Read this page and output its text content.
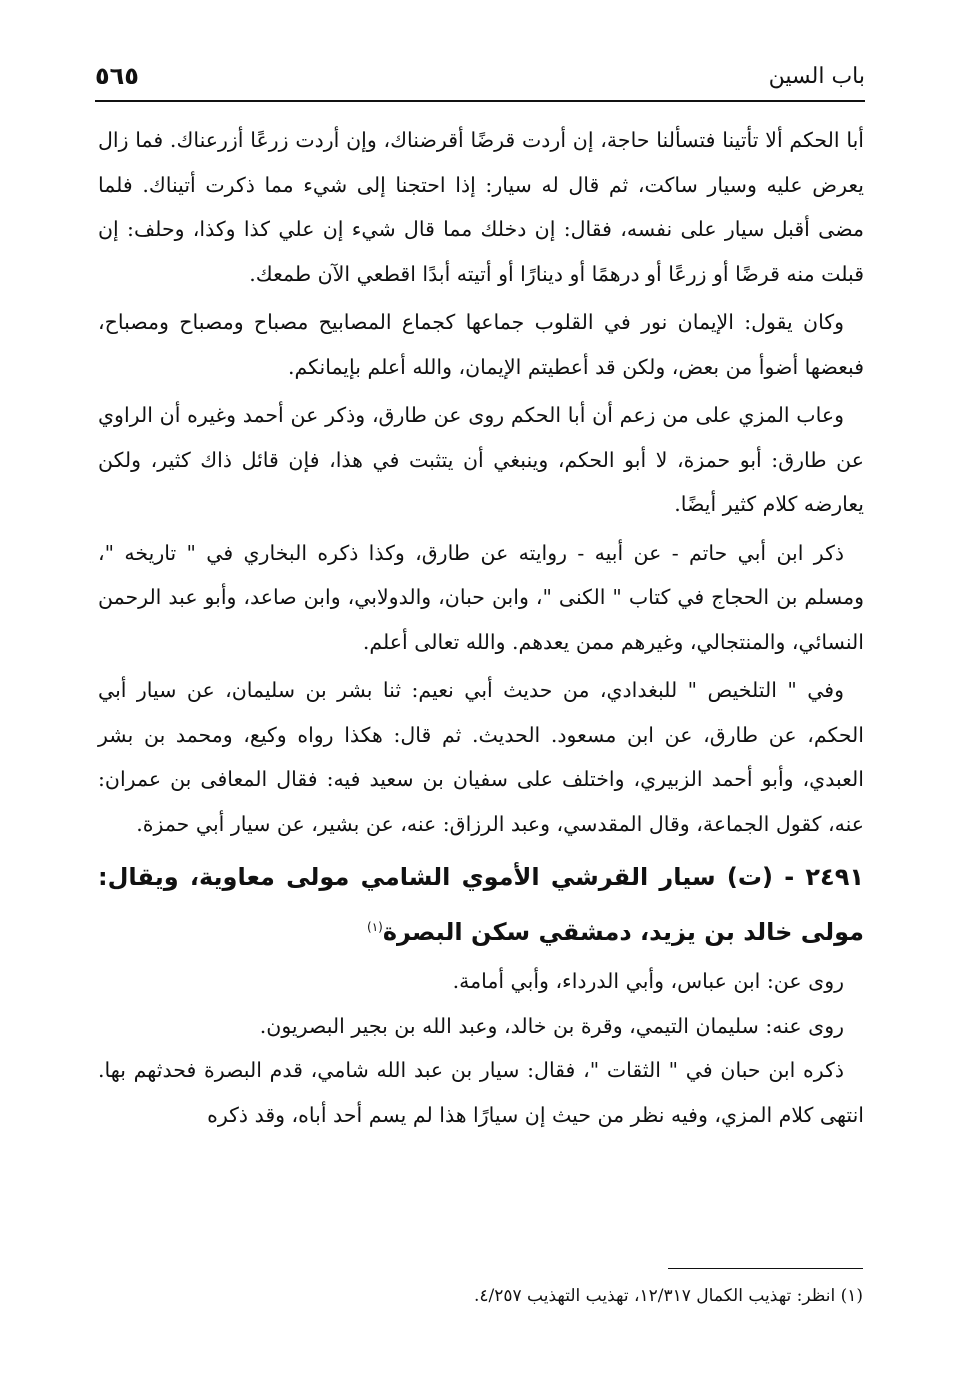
باب السين
٥٦٥

أبا الحكم ألا تأتينا فتسألنا حاجة، إن أردت قرضًا أقرضناك، وإن أردت زرعًا أزرعناك. فما زال يعرض عليه وسيار ساكت، ثم قال له سيار: إذا احتجنا إلى شيء مما ذكرت أتيناك. فلما مضى أقبل سيار على نفسه، فقال: إن دخلك مما قال شيء إن علي كذا وكذا، وحلف: إن قبلت منه قرضًا أو زرعًا أو درهمًا أو دينارًا أو أتيته أبدًا اقطعي الآن طمعك.

وكان يقول: الإيمان نور في القلوب جماعها كجماع المصابيح مصباح ومصباح ومصباح، فبعضها أضوأ من بعض، ولكن قد أعطيتم الإيمان، والله أعلم بإيمانكم.

وعاب المزي على من زعم أن أبا الحكم روى عن طارق، وذكر عن أحمد وغيره أن الراوي عن طارق: أبو حمزة، لا أبو الحكم، وينبغي أن يتثبت في هذا، فإن قائل ذاك كثير، ولكن يعارضه كلام كثير أيضًا.

ذكر ابن أبي حاتم - عن أبيه - روايته عن طارق، وكذا ذكره البخاري في " تاريخه "، ومسلم بن الحجاج في كتاب " الكنى "، وابن حبان، والدولابي، وابن صاعد، وأبو عبد الرحمن النسائي، والمنتجالي، وغيرهم ممن يعدهم. والله تعالى أعلم.

وفي " التلخيص " للبغدادي، من حديث أبي نعيم: ثنا بشر بن سليمان، عن سيار أبي الحكم، عن طارق، عن ابن مسعود. الحديث. ثم قال: هكذا رواه وكيع، ومحمد بن بشر العبدي، وأبو أحمد الزبيري، واختلف على سفيان بن سعيد فيه: فقال المعافى بن عمران: عنه، كقول الجماعة، وقال المقدسي، وعبد الرزاق: عنه، عن بشير، عن سيار أبي حمزة.

٢٤٩١ - (ت) سيار القرشي الأموي الشامي مولى معاوية، ويقال: مولى خالد بن يزيد، دمشقي سكن البصرة$^{(١)}$

روى عن: ابن عباس، وأبي الدرداء، وأبي أمامة.

روى عنه: سليمان التيمي، وقرة بن خالد، وعبد الله بن بجير البصريون.

ذكره ابن حبان في " الثقات "، فقال: سيار بن عبد الله شامي، قدم البصرة فحدثهم بها. انتهى كلام المزي، وفيه نظر من حيث إن سيارًا هذا لم يسم أحد أباه، وقد ذكره

(١) انظر: تهذيب الكمال ١٢/٣١٧، تهذيب التهذيب ٤/٢٥٧.
